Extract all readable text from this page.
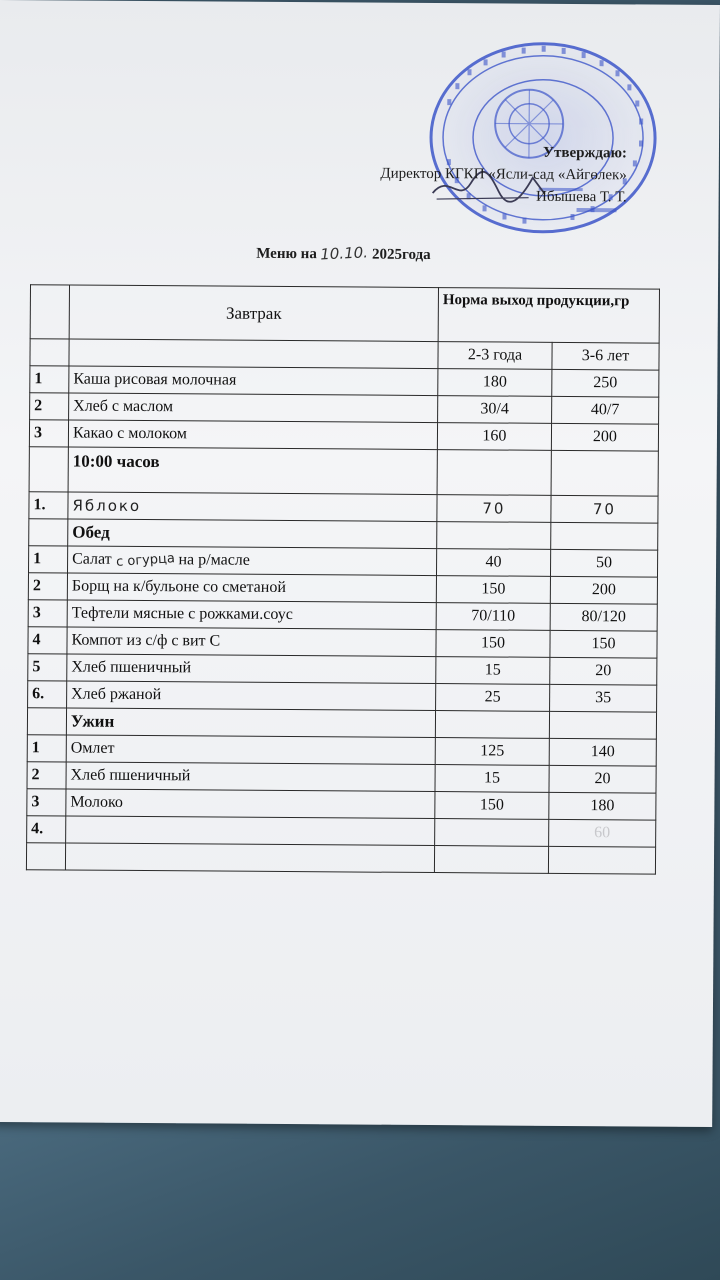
Утверждаю:
Директор КГКП «Ясли-сад «Айгөлек»
Ибышева Т. Т.
Меню на 10.10. 2025года
	Завтрак	Норма выход продукции,гр	
		2-3 года	3-6 лет
1	Каша рисовая молочная	180	250
2	Хлеб с маслом	30/4	40/7
3	Какао с молоком	160	200
	10:00 часов		
1.	Яблоко	70	70
	Обед		
1	Салат с огурца на р/масле	40	50
2	Борщ на к/бульоне со сметаной	150	200
3	Тефтели мясные с рожками.соус	70/110	80/120
4	Компот из с/ф с вит С	150	150
5	Хлеб пшеничный	15	20
6.	Хлеб ржаной	25	35
	Ужин		
1	Омлет	125	140
2	Хлеб пшеничный	15	20
3	Молоко	150	180
4.			60
